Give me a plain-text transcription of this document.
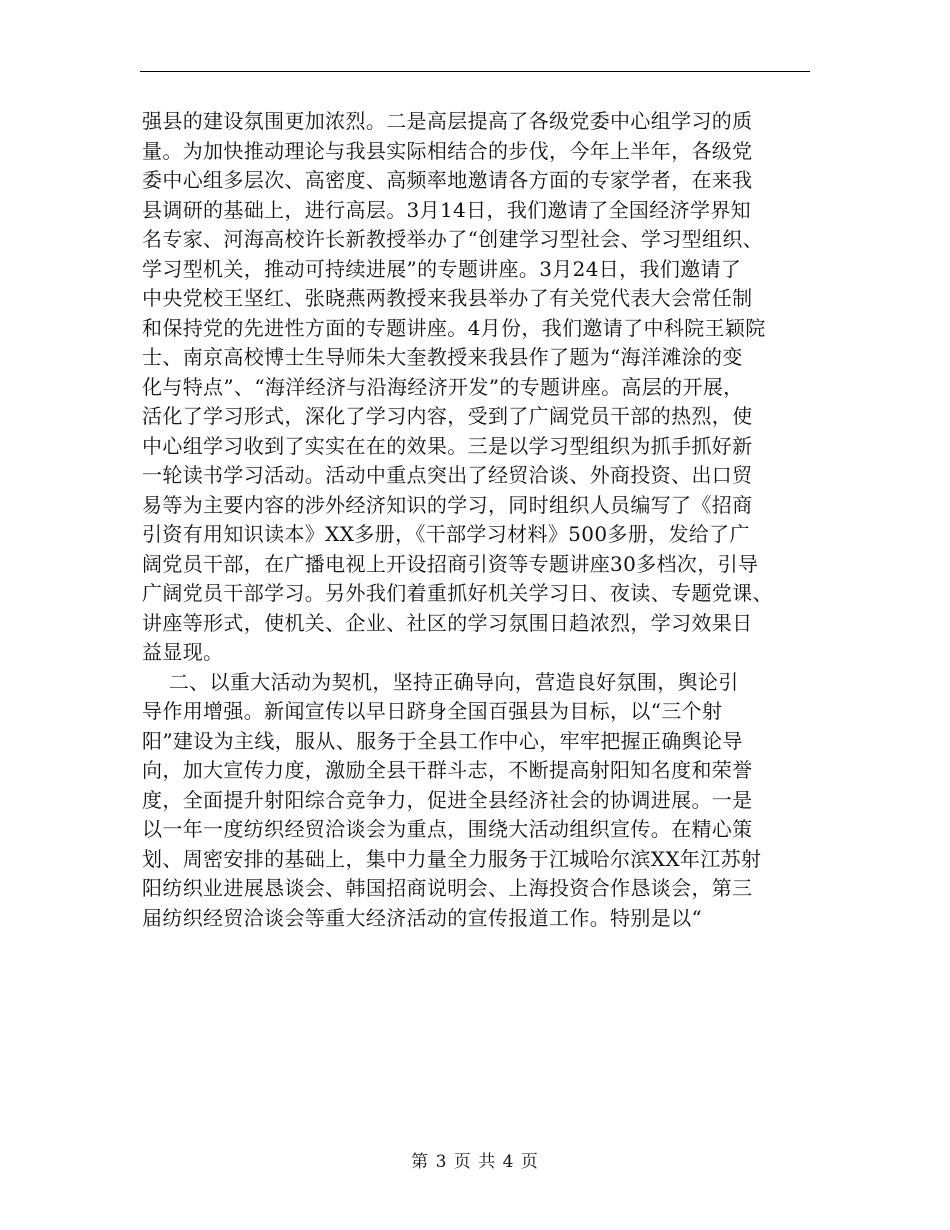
强县的建设氛围更加浓烈。二是高层提高了各级党委中心组学习的质
量。为加快推动理论与我县实际相结合的步伐，今年上半年，各级党
委中心组多层次、高密度、高频率地邀请各方面的专家学者，在来我
县调研的基础上，进行高层。3月14日，我们邀请了全国经济学界知
名专家、河海高校许长新教授举办了“创建学习型社会、学习型组织、
学习型机关，推动可持续进展”的专题讲座。3月24日，我们邀请了
中央党校王坚红、张晓燕两教授来我县举办了有关党代表大会常任制
和保持党的先进性方面的专题讲座。4月份，我们邀请了中科院王颖院
士、南京高校博士生导师朱大奎教授来我县作了题为“海洋滩涂的变
化与特点”、“海洋经济与沿海经济开发”的专题讲座。高层的开展，
活化了学习形式，深化了学习内容，受到了广阔党员干部的热烈，使
中心组学习收到了实实在在的效果。三是以学习型组织为抓手抓好新
一轮读书学习活动。活动中重点突出了经贸洽谈、外商投资、出口贸
易等为主要内容的涉外经济知识的学习，同时组织人员编写了《招商
引资有用知识读本》XX多册，《干部学习材料》500多册，发给了广
阔党员干部，在广播电视上开设招商引资等专题讲座30多档次，引导
广阔党员干部学习。另外我们着重抓好机关学习日、夜读、专题党课、
讲座等形式，使机关、企业、社区的学习氛围日趋浓烈，学习效果日
益显现。
二、以重大活动为契机，坚持正确导向，营造良好氛围，舆论引
导作用增强。新闻宣传以早日跻身全国百强县为目标，以“三个射
阳”建设为主线，服从、服务于全县工作中心，牢牢把握正确舆论导
向，加大宣传力度，激励全县干群斗志，不断提高射阳知名度和荣誉
度，全面提升射阳综合竞争力，促进全县经济社会的协调进展。一是
以一年一度纺织经贸洽谈会为重点，围绕大活动组织宣传。在精心策
划、周密安排的基础上，集中力量全力服务于江城哈尔滨XX年江苏射
阳纺织业进展恳谈会、韩国招商说明会、上海投资合作恳谈会，第三
届纺织经贸洽谈会等重大经济活动的宣传报道工作。特别是以“
第 3 页 共 4 页
